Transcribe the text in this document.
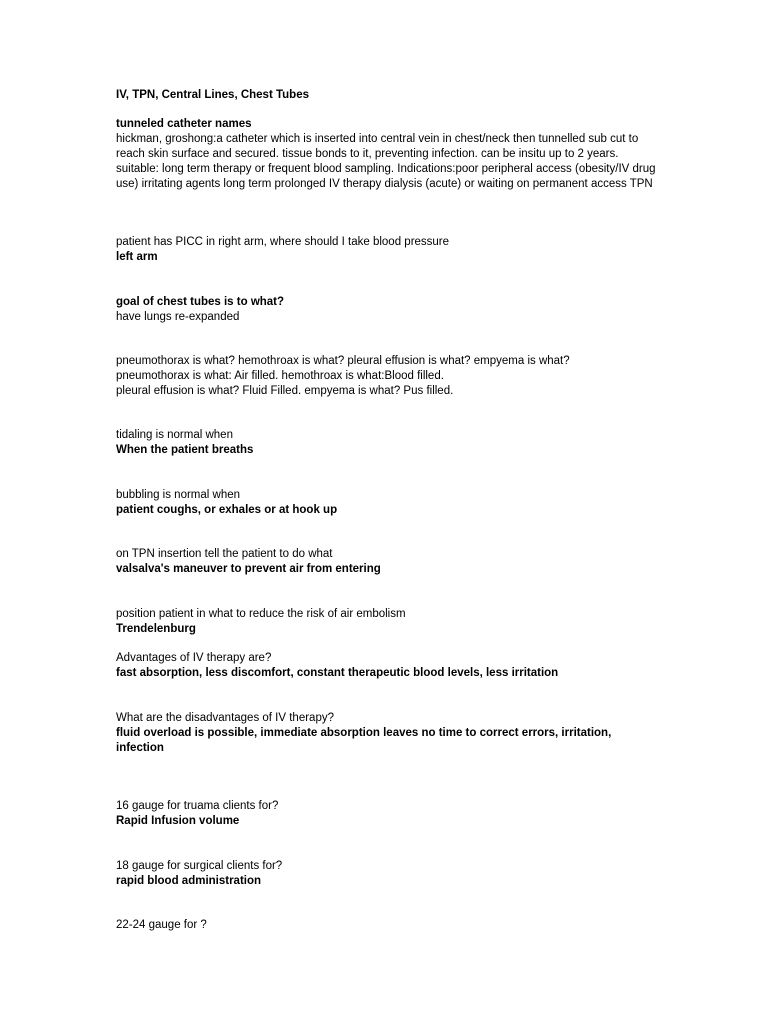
IV, TPN, Central Lines, Chest Tubes

tunneled catheter names

hickman, groshong:a catheter which is inserted into central vein in chest/neck then tunnelled sub cut to reach skin surface and secured. tissue bonds to it, preventing infection. can be insitu up to 2 years. suitable: long term therapy or frequent blood sampling. Indications:poor peripheral access (obesity/IV drug use) irritating agents long term prolonged IV therapy dialysis (acute) or waiting on permanent access TPN

patient has PICC in right arm, where should I take blood pressure

left arm

goal of chest tubes is to what?

have lungs re-expanded

pneumothorax is what? hemothroax is what? pleural effusion is what? empyema is what?

pneumothorax is what: Air filled. hemothroax is what:Blood filled.
pleural effusion is what? Fluid Filled. empyema is what? Pus filled.

tidaling is normal when

When the patient breaths

bubbling is normal when

patient coughs, or exhales or at hook up

on TPN insertion tell the patient to do what

valsalva's maneuver to prevent air from entering

position patient in what to reduce the risk of air embolism

Trendelenburg

Advantages of IV therapy are?

fast absorption, less discomfort, constant therapeutic blood levels, less irritation

What are the disadvantages of IV therapy?

fluid overload is possible, immediate absorption leaves no time to correct errors, irritation, infection

16 gauge for truama clients for?

Rapid Infusion volume

18 gauge for surgical clients for?

rapid blood administration

22-24 gauge for ?
